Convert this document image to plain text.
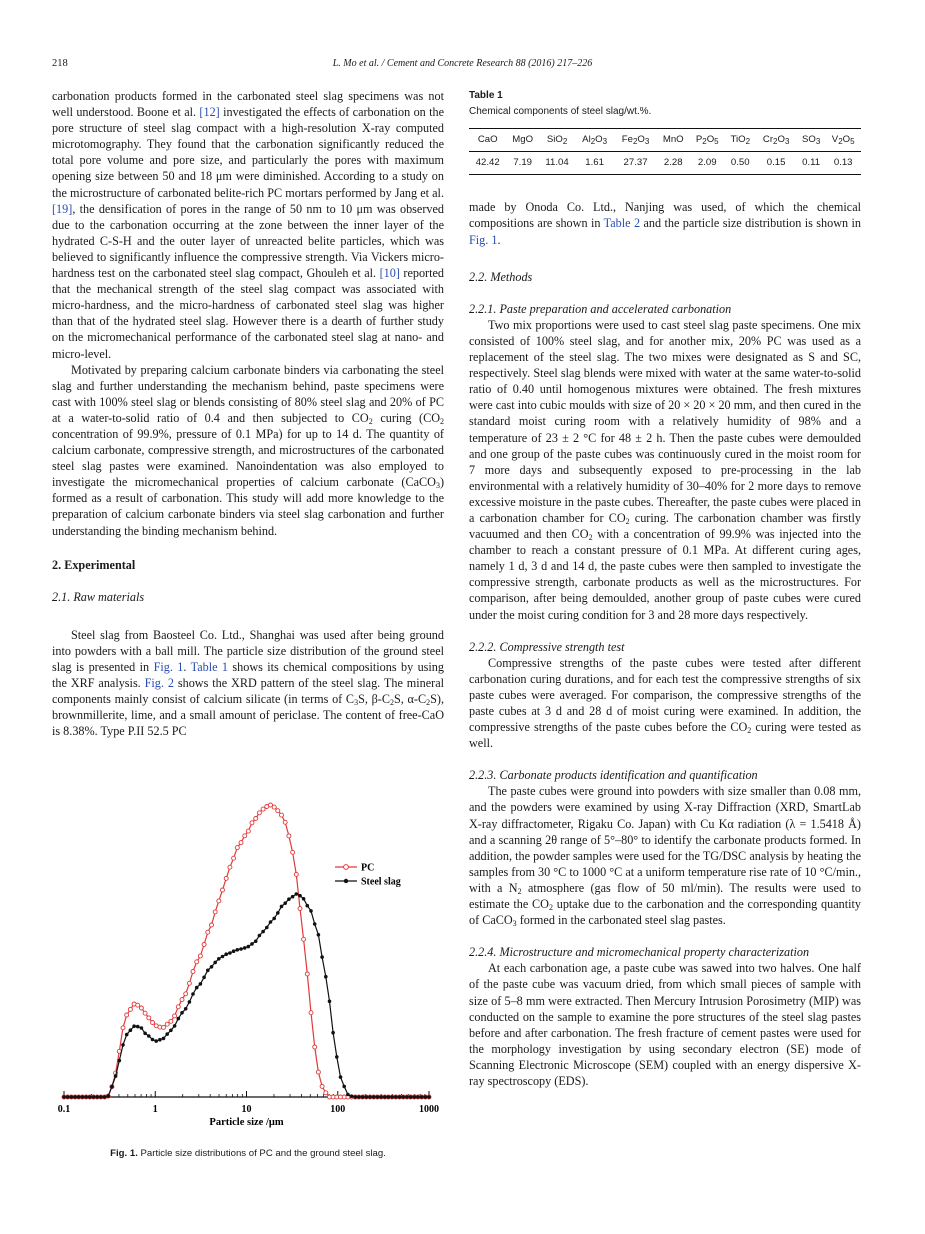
218	L. Mo et al. / Cement and Concrete Research 88 (2016) 217–226

carbonation products formed in the carbonated steel slag specimens was not well understood. Boone et al. [12] investigated the effects of carbonation on the pore structure of steel slag compact with a high-resolution X-ray computed microtomography. They found that the carbonation significantly reduced the total pore volume and pore size, and particularly the pores with maximum opening size between 50 and 18 μm were diminished. According to a study on the microstructure of carbonated belite-rich PC mortars performed by Jang et al. [19], the densification of pores in the range of 50 nm to 10 μm was observed due to the carbonation occurring at the zone between the inner layer of the hydrated C-S-H and the outer layer of unreacted belite particles, which was believed to significantly influence the compressive strength. Via Vickers micro-hardness test on the carbonated steel slag compact, Ghouleh et al. [10] reported that the mechanical strength of the steel slag compact was associated with micro-hardness, and the micro-hardness of carbonated steel slag was higher than that of the hydrated steel slag. However there is a dearth of further study on the micromechanical performance of the carbonated steel slag at nano- and micro-level.

Motivated by preparing calcium carbonate binders via carbonating the steel slag and further understanding the mechanism behind, paste specimens were cast with 100% steel slag or blends consisting of 80% steel slag and 20% of PC at a water-to-solid ratio of 0.4 and then subjected to $CO_2$ curing ($CO_2$ concentration of 99.9%, pressure of 0.1 MPa) for up to 14 d. The quantity of calcium carbonate, compressive strength, and microstructures of the carbonated steel slag pastes were examined. Nanoindentation was also employed to investigate the micromechanical properties of calcium carbonate (CaCO$_3$) formed as a result of carbonation. This study will add more knowledge to the preparation of calcium carbonate binders via steel slag carbonation and further understanding the binding mechanism behind.

2. Experimental

2.1. Raw materials

Steel slag from Baosteel Co. Ltd., Shanghai was used after being ground into powders with a ball mill. The particle size distribution of the ground steel slag is presented in Fig. 1. Table 1 shows its chemical compositions by using the XRF analysis. Fig. 2 shows the XRD pattern of the steel slag. The mineral components mainly consist of calcium silicate (in terms of $C_3S$, $\beta-C_2S$, $\alpha-C_2S$), brownmillerite, lime, and a small amount of periclase. The content of free-CaO is 8.38%. Type P.II 52.5 PC

0.1	1	10	100	1000
Particle size /μm
PC
Steel slag
Fig. 1. Particle size distributions of PC and the ground steel slag.
Table 1
Chemical components of steel slag/wt.%.
CaO	MgO	SiO$_2$	$Al_2O_3$	$Fe_2O_3$	MnO	$P_2O_5$	TiO$_2$	$Cr_2O_3$	$SO_3$	$V_2O_5$
42.42	7.19	11.04	1.61	27.37	2.28	2.09	0.50	0.15	0.11	0.13

made by Onoda Co. Ltd., Nanjing was used, of which the chemical compositions are shown in Table 2 and the particle size distribution is shown in Fig. 1.

2.2. Methods

2.2.1. Paste preparation and accelerated carbonation

Two mix proportions were used to cast steel slag paste specimens. One mix consisted of 100% steel slag, and for another mix, 20% PC was used as a replacement of the steel slag. The two mixes were designated as S and SC, respectively. Steel slag blends were mixed with water at the same water-to-solid ratio of 0.40 until homogenous mixtures were obtained. The fresh mixtures were cast into cubic moulds with size of 20 × 20 × 20 mm, and then cured in the standard moist curing room with a relatively humidity of 98% and a temperature of 23 ± 2 °C for 48 ± 2 h. Then the paste cubes were demoulded and one group of the paste cubes was continuously cured in the moist room for 7 more days and subsequently exposed to pre-processing in the lab environmental with a relatively humidity of 30–40% for 2 more days to remove excessive moisture in the paste cubes. Thereafter, the paste cubes were placed in a carbonation chamber for $CO_2$ curing. The carbonation chamber was firstly vacuumed and then $CO_2$ with a concentration of 99.9% was injected into the chamber to reach a constant pressure of 0.1 MPa. At different curing ages, namely 1 d, 3 d and 14 d, the paste cubes were then sampled to investigate the compressive strength, carbonate products as well as the microstructures. For comparison, after being demoulded, another group of paste cubes were cured under the moist curing condition for 3 and 28 more days respectively.

2.2.2. Compressive strength test

Compressive strengths of the paste cubes were tested after different carbonation curing durations, and for each test the compressive strengths of six paste cubes were averaged. For comparison, the compressive strengths of the paste cubes at 3 d and 28 d of moist curing were examined. In addition, the compressive strengths of the paste cubes before the $CO_2$ curing were tested as well.

2.2.3. Carbonate products identification and quantification

The paste cubes were ground into powders with size smaller than 0.08 mm, and the powders were examined by using X-ray Diffraction (XRD, SmartLab X-ray diffractometer, Rigaku Co. Japan) with Cu Kα radiation (λ = 1.5418 Å) and a scanning 2θ range of 5°–80° to identify the carbonate products formed. In addition, the powder samples were used for the TG/DSC analysis by heating the samples from 30 °C to 1000 °C at a uniform temperature rise rate of 10 °C/min., with a $N_2$ atmosphere (gas flow of 50 ml/min). The results were used to estimate the $CO_2$ uptake due to the carbonation and the corresponding quantity of CaCO$_3$ formed in the carbonated steel slag pastes.

2.2.4. Microstructure and micromechanical property characterization

At each carbonation age, a paste cube was sawed into two halves. One half of the paste cube was vacuum dried, from which small pieces of sample with size of 5–8 mm were extracted. Then Mercury Intrusion Porosimetry (MIP) was conducted on the sample to examine the pore structures of the steel slag pastes before and after carbonation. The fresh fracture of cement pastes were used for the morphology investigation by using secondary electron (SE) mode of Scanning Electronic Microscope (SEM) coupled with an energy dispersive X-ray spectroscopy (EDS).
